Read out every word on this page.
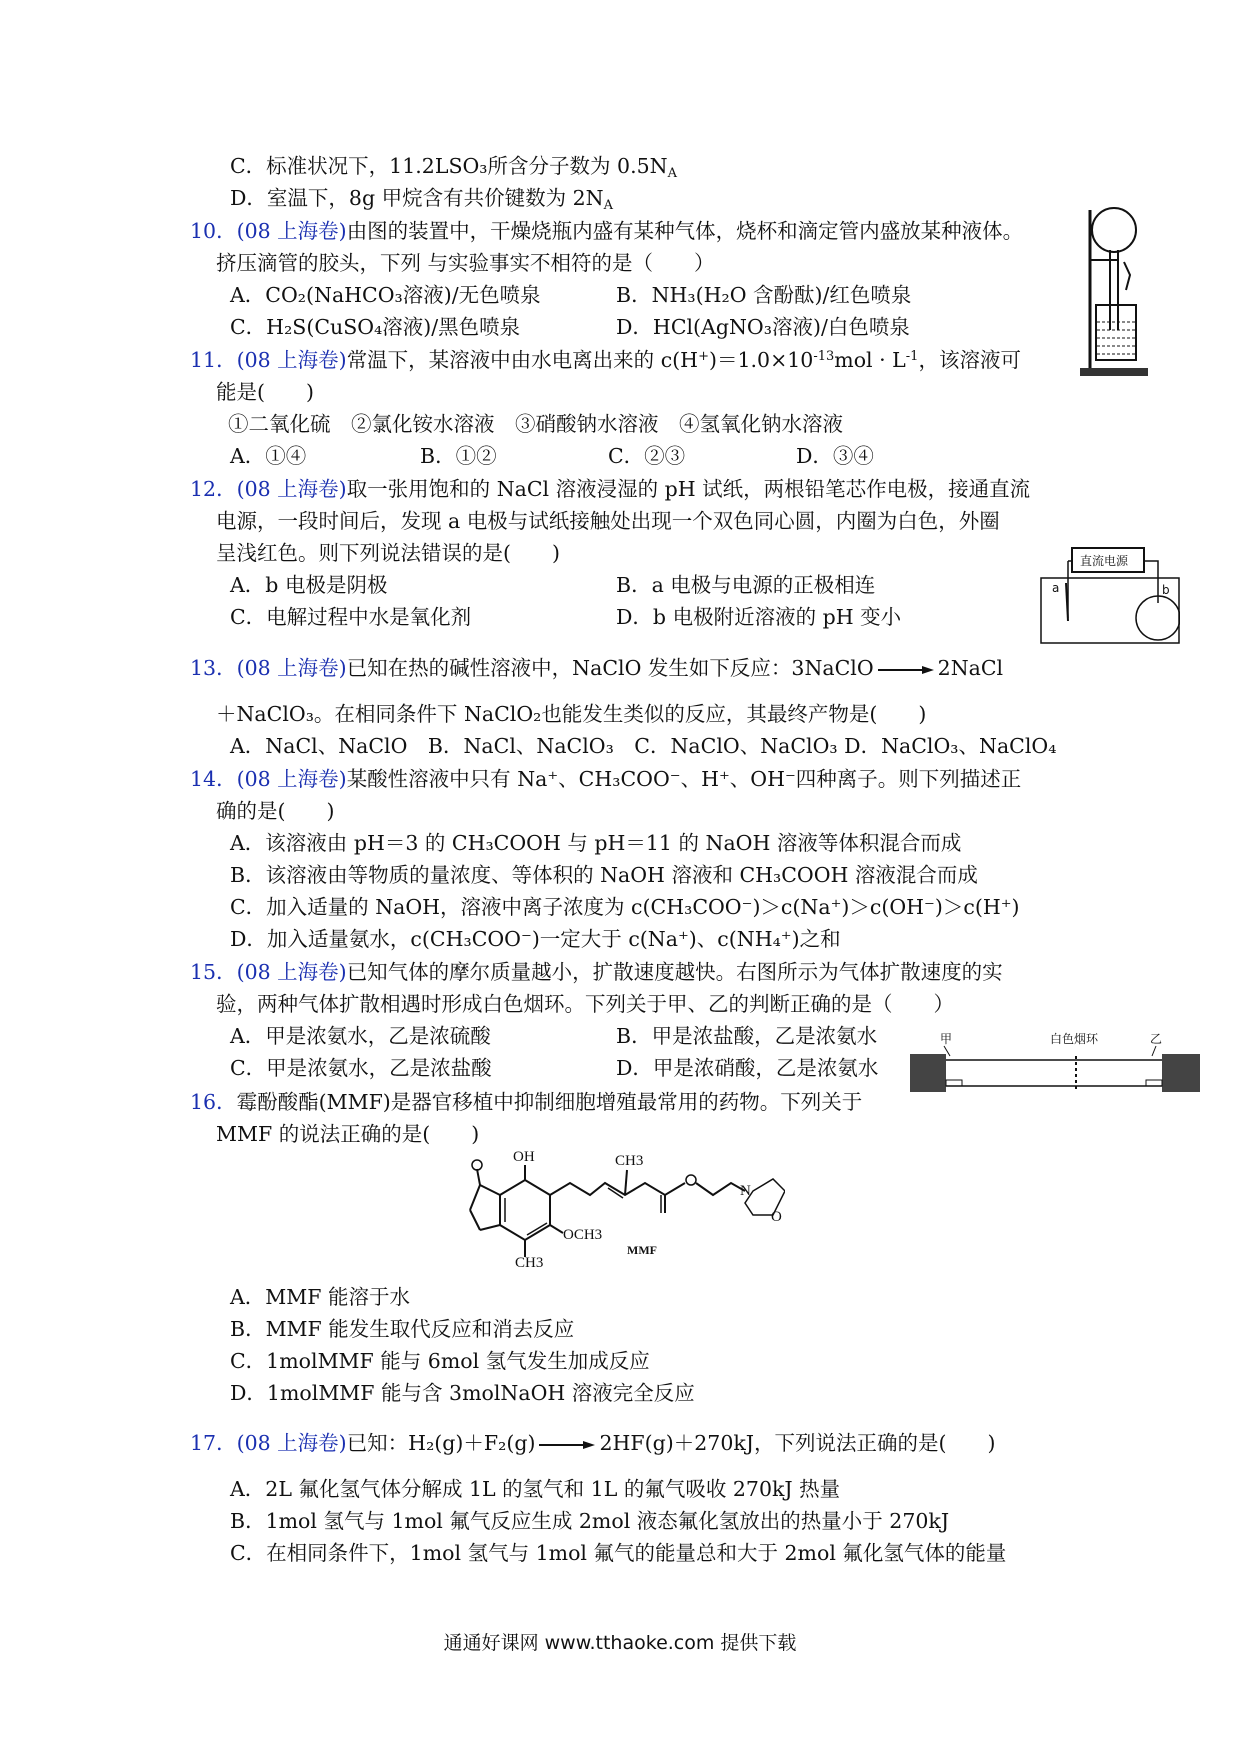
C．标准状况下，11.2LSO₃所含分子数为 $0.5N_A$
D．室温下，8g 甲烷含有共价键数为 $2N_A$
10．(08 上海卷)由图的装置中，干燥烧瓶内盛有某种气体，烧杯和滴定管内盛放某种液体。
挤压滴管的胶头，下列 与实验事实不相符的是（　　）
A．CO₂(NaHCO₃溶液)/无色喷泉	B．NH₃(H₂O 含酚酞)/红色喷泉
C．H₂S(CuSO₄溶液)/黑色喷泉	D．HCl(AgNO₃溶液)/白色喷泉
11．(08 上海卷)常温下，某溶液中由水电离出来的 $c(H^+)=1.0\times 10^{-13}mol \cdot L^{-1}$，该溶液可
能是(　　)
①二氧化硫　②氯化铵水溶液　③硝酸钠水溶液　④氢氧化钠水溶液
A．①④	B．①②	C．②③	D．③④
12．(08 上海卷)取一张用饱和的 NaCl 溶液浸湿的 pH 试纸，两根铅笔芯作电极，接通直流
电源，一段时间后，发现 a 电极与试纸接触处出现一个双色同心圆，内圈为白色，外圈
呈浅红色。则下列说法错误的是(　　)
A．b 电极是阴极	B．a 电极与电源的正极相连
C．电解过程中水是氧化剂	D．b 电极附近溶液的 pH 变小
直流电源
a	b
13．(08 上海卷)已知在热的碱性溶液中，NaClO 发生如下反应：3NaClO → 2NaCl
＋NaClO₃。在相同条件下 NaClO₂也能发生类似的反应，其最终产物是(　　)
A．NaCl、NaClO　B．NaCl、NaClO₃　C．NaClO、NaClO₃ D．NaClO₃、NaClO₄
14．(08 上海卷)某酸性溶液中只有 Na⁺、CH₃COO⁻、H⁺、OH⁻四种离子。则下列描述正
确的是(　　)
A．该溶液由 pH＝3 的 CH₃COOH 与 pH＝11 的 NaOH 溶液等体积混合而成
B．该溶液由等物质的量浓度、等体积的 NaOH 溶液和 CH₃COOH 溶液混合而成
C．加入适量的 NaOH，溶液中离子浓度为 c(CH₃COO⁻)＞c(Na⁺)＞c(OH⁻)＞c(H⁺)
D．加入适量氨水，c(CH₃COO⁻)一定大于 c(Na⁺)、c(NH₄⁺)之和
15．(08 上海卷)已知气体的摩尔质量越小，扩散速度越快。右图所示为气体扩散速度的实
验，两种气体扩散相遇时形成白色烟环。下列关于甲、乙的判断正确的是（　　）
A．甲是浓氨水，乙是浓硫酸	B．甲是浓盐酸，乙是浓氨水
C．甲是浓氨水，乙是浓盐酸	D．甲是浓硝酸，乙是浓氨水
甲	白色烟环	乙
16．霉酚酸酯(MMF)是器官移植中抑制细胞增殖最常用的药物。下列关于
MMF 的说法正确的是(　　)
OH	CH3
OCH3
CH3
MMF
N
O
A．MMF 能溶于水
B．MMF 能发生取代反应和消去反应
C．1molMMF 能与 6mol 氢气发生加成反应
D．1molMMF 能与含 3molNaOH 溶液完全反应
17．(08 上海卷)已知：H₂(g)＋F₂(g) → 2HF(g)＋270kJ，下列说法正确的是(　　)
A．2L 氟化氢气体分解成 1L 的氢气和 1L 的氟气吸收 270kJ 热量
B．1mol 氢气与 1mol 氟气反应生成 2mol 液态氟化氢放出的热量小于 270kJ
C．在相同条件下，1mol 氢气与 1mol 氟气的能量总和大于 2mol 氟化氢气体的能量
通通好课网 www.tthaoke.com 提供下载
